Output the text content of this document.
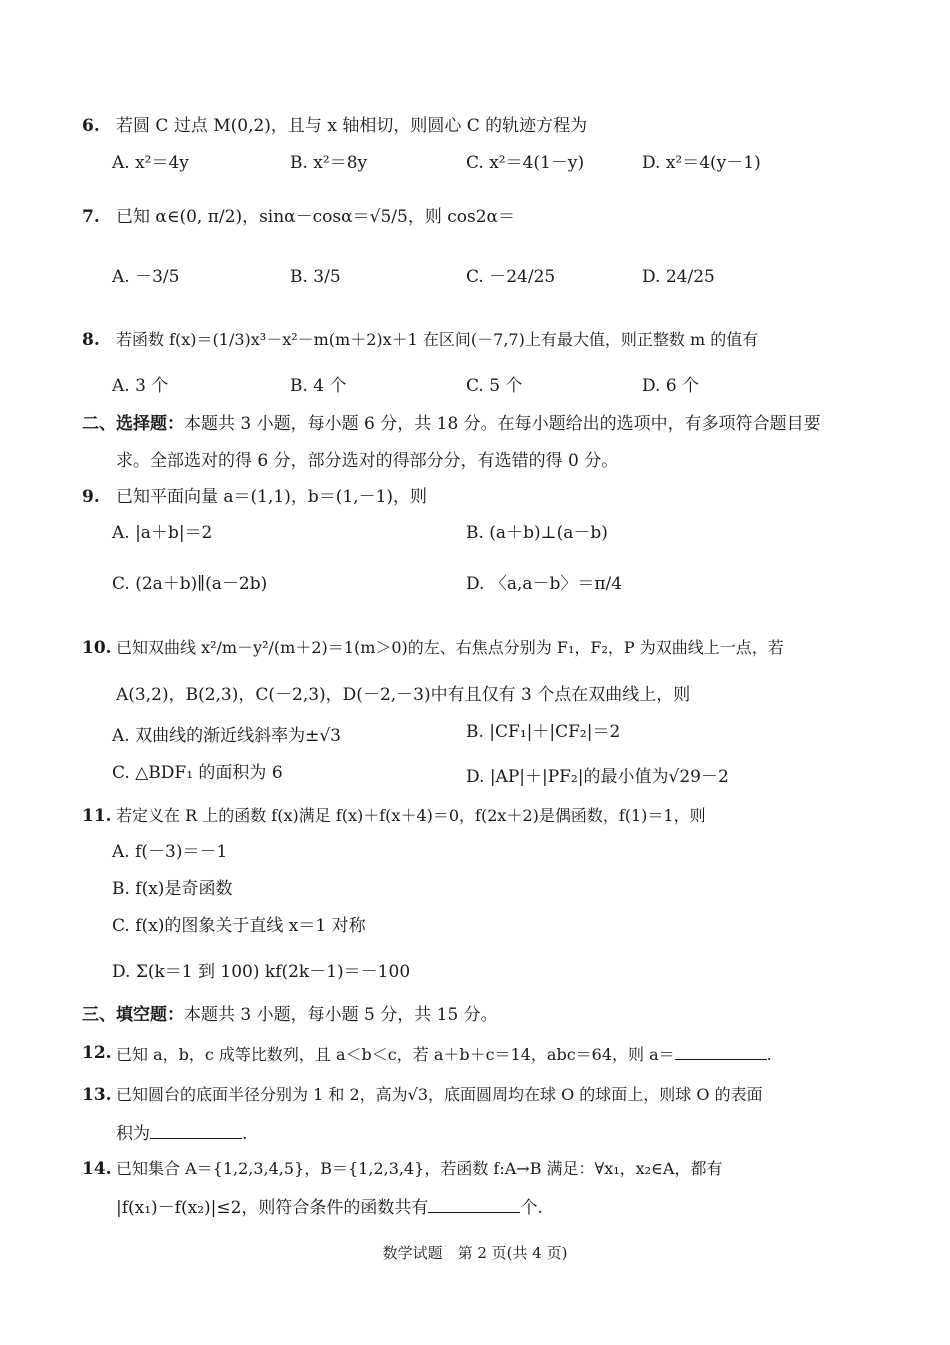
6. 若圆 C 过点 M(0,2)，且与 x 轴相切，则圆心 C 的轨迹方程为
A. x²＝4y	B. x²＝8y	C. x²＝4(1－y)	D. x²＝4(y－1)
7. 已知 α∈(0, π/2)，sinα－cosα＝√5/5，则 cos2α＝
A. －3/5	B. 3/5	C. －24/25	D. 24/25
8. 若函数 f(x)＝(1/3)x³－x²－m(m＋2)x＋1 在区间(－7,7)上有最大值，则正整数 m 的值有
A. 3 个	B. 4 个	C. 5 个	D. 6 个
二、选择题：本题共 3 小题，每小题 6 分，共 18 分。在每小题给出的选项中，有多项符合题目要
求。全部选对的得 6 分，部分选对的得部分分，有选错的得 0 分。
9. 已知平面向量 a＝(1,1)，b＝(1,－1)，则
A. |a＋b|＝2	B. (a＋b)⊥(a－b)
C. (2a＋b)∥(a－2b)	D. 〈a,a－b〉＝π/4
10. 已知双曲线 x²/m－y²/(m＋2)＝1(m＞0)的左、右焦点分别为 F₁，F₂，P 为双曲线上一点，若
A(3,2)，B(2,3)，C(－2,3)，D(－2,－3)中有且仅有 3 个点在双曲线上，则
A. 双曲线的渐近线斜率为±√3	B. |CF₁|＋|CF₂|＝2
C. △BDF₁ 的面积为 6	D. |AP|＋|PF₂|的最小值为√29－2
11. 若定义在 R 上的函数 f(x)满足 f(x)＋f(x＋4)＝0，f(2x＋2)是偶函数，f(1)＝1，则
A. f(－3)＝－1
B. f(x)是奇函数
C. f(x)的图象关于直线 x＝1 对称
D. Σ(k＝1 到 100) kf(2k－1)＝－100
三、填空题：本题共 3 小题，每小题 5 分，共 15 分。
12. 已知 a，b，c 成等比数列，且 a＜b＜c，若 a＋b＋c＝14，abc＝64，则 a＝	.
13. 已知圆台的底面半径分别为 1 和 2，高为√3，底面圆周均在球 O 的球面上，则球 O 的表面
积为	.
14. 已知集合 A＝{1,2,3,4,5}，B＝{1,2,3,4}，若函数 f:A→B 满足：∀x₁，x₂∈A，都有
|f(x₁)－f(x₂)|≤2，则符合条件的函数共有	个.
数学试题　第 2 页(共 4 页)
